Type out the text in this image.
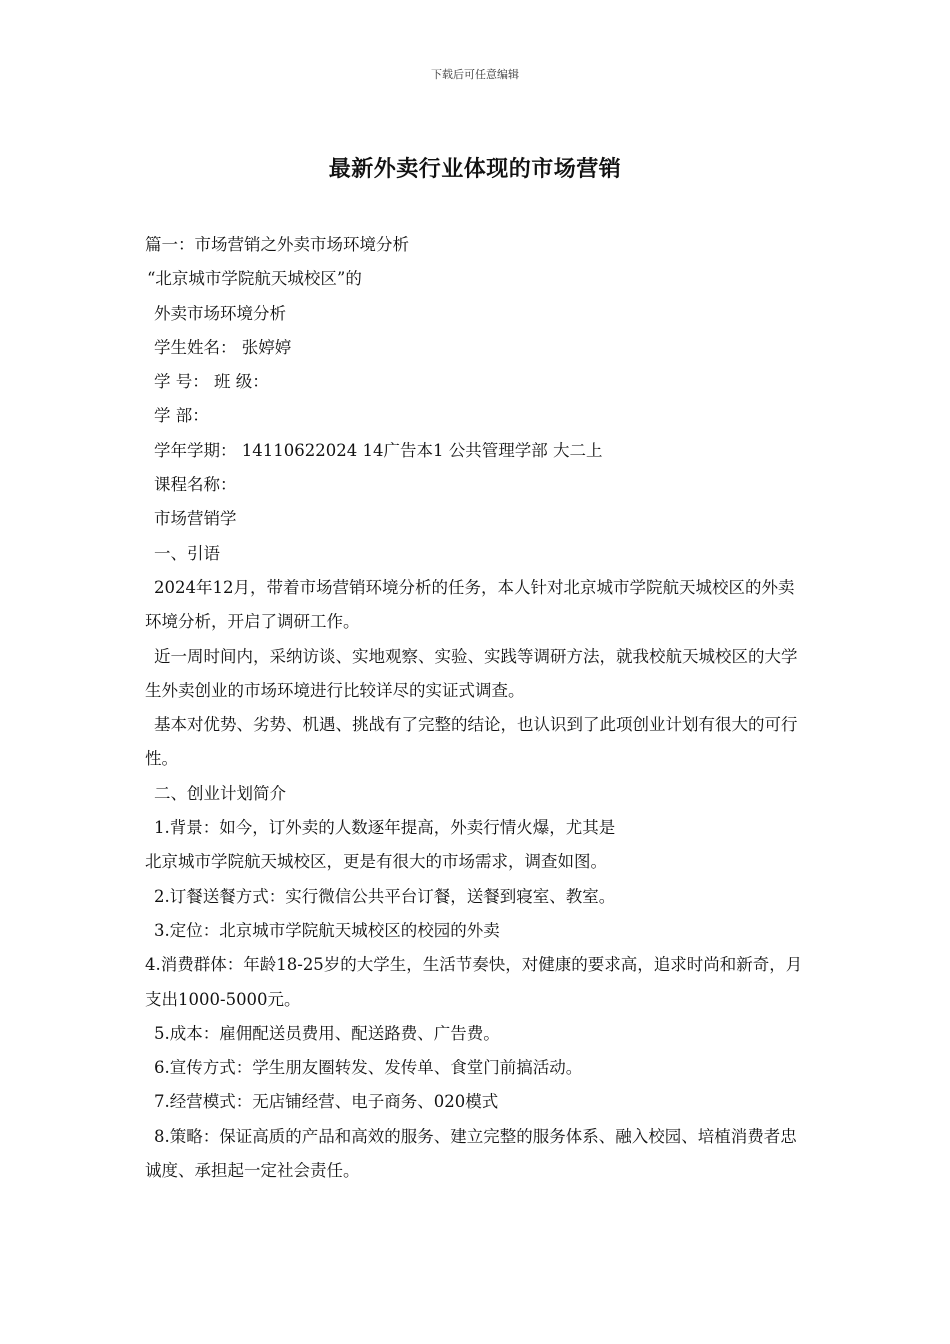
下载后可任意编辑
最新外卖行业体现的市场营销
篇一：市场营销之外卖市场环境分析
“北京城市学院航天城校区”的
外卖市场环境分析
学生姓名： 张婷婷
学 号： 班 级：
学 部：
学年学期： 14110622024 14广告本1 公共管理学部 大二上
课程名称：
市场营销学
一、引语
2024年12月，带着市场营销环境分析的任务，本人针对北京城市学院航天城校区的外卖环境分析，开启了调研工作。
近一周时间内，采纳访谈、实地观察、实验、实践等调研方法，就我校航天城校区的大学生外卖创业的市场环境进行比较详尽的实证式调查。
基本对优势、劣势、机遇、挑战有了完整的结论，也认识到了此项创业计划有很大的可行性。
二、创业计划简介
1.背景：如今，订外卖的人数逐年提高，外卖行情火爆，尤其是
北京城市学院航天城校区，更是有很大的市场需求，调查如图。
2.订餐送餐方式：实行微信公共平台订餐，送餐到寝室、教室。
3.定位：北京城市学院航天城校区的校园的外卖
4.消费群体：年龄18-25岁的大学生，生活节奏快，对健康的要求高，追求时尚和新奇，月支出1000-5000元。
5.成本：雇佣配送员费用、配送路费、广告费。
6.宣传方式：学生朋友圈转发、发传单、食堂门前搞活动。
7.经营模式：无店铺经营、电子商务、020模式
8.策略：保证高质的产品和高效的服务、建立完整的服务体系、融入校园、培植消费者忠诚度、承担起一定社会责任。
